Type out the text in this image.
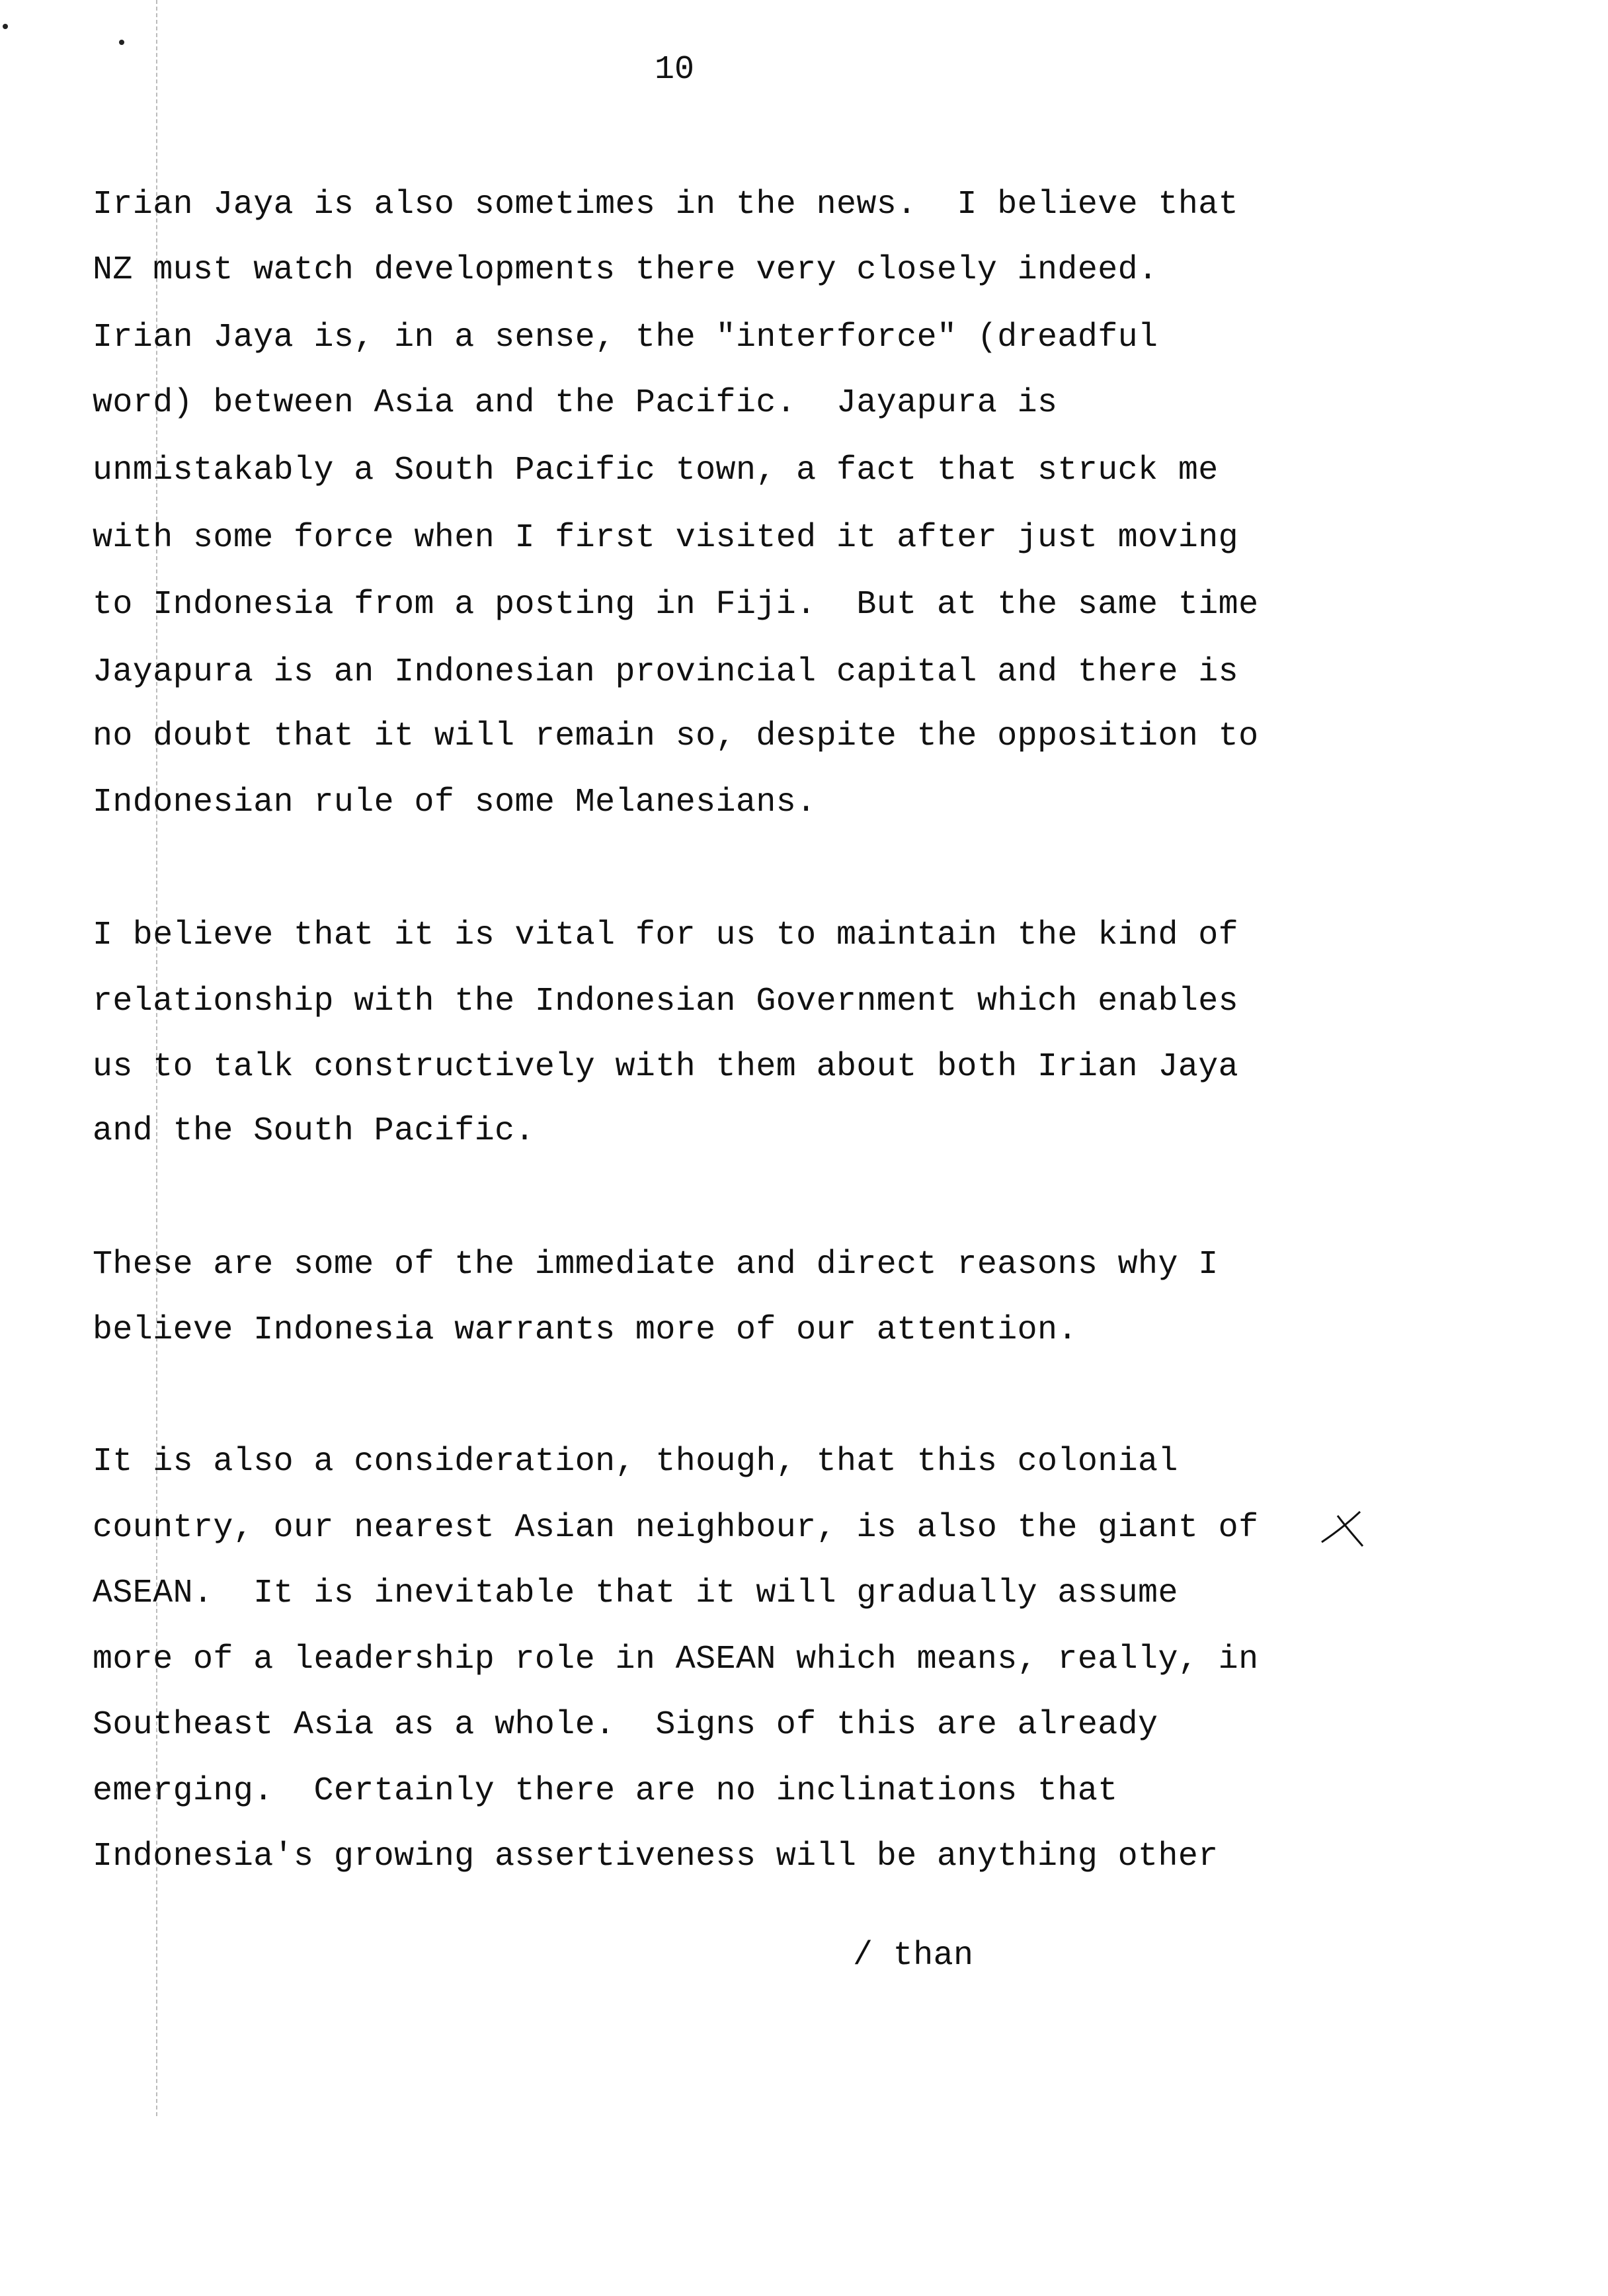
10
Irian Jaya is also sometimes in the news.  I believe that
NZ must watch developments there very closely indeed.
Irian Jaya is, in a sense, the "interforce" (dreadful
word) between Asia and the Pacific.  Jayapura is
unmistakably a South Pacific town, a fact that struck me
with some force when I first visited it after just moving
to Indonesia from a posting in Fiji.  But at the same time
Jayapura is an Indonesian provincial capital and there is
no doubt that it will remain so, despite the opposition to
Indonesian rule of some Melanesians.
I believe that it is vital for us to maintain the kind of
relationship with the Indonesian Government which enables
us to talk constructively with them about both Irian Jaya
and the South Pacific.
These are some of the immediate and direct reasons why I
believe Indonesia warrants more of our attention.
It is also a consideration, though, that this colonial
country, our nearest Asian neighbour, is also the giant of
ASEAN.  It is inevitable that it will gradually assume
more of a leadership role in ASEAN which means, really, in
Southeast Asia as a whole.  Signs of this are already
emerging.  Certainly there are no inclinations that
Indonesia's growing assertiveness will be anything other
/ than
